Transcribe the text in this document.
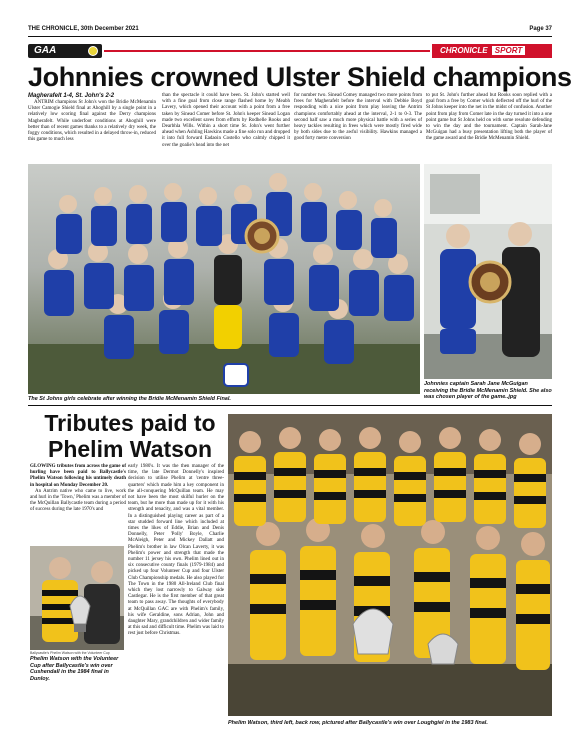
THE CHRONICLE, 30th December 2021	Page 37
GAA	CHRONICLE SPORT
Johnnies crowned Ulster Shield champions
Magherafelt 1-4, St. John's 2-2
ANTRIM champions St John's won the Bridie McMenamin Ulster Camogie Shield final at Ahoghill by a single point in a relatively low scoring final against the Derry champions Magherafelt. While underfoot conditions at Ahoghill were better than of recent games thanks to a relatively dry week, the foggy conditions, which resulted in a delayed throw-in, reduced this game to much less
than the spectacle it could have been. St. John's started well with a fine goal from close range flashed home by Meabh Lavery, which opened their account with a point from a free taken by Sinead Comer before St. John's keeper Sinead Logan made two excellent saves from efforts by Rodhelle Rooks and Dearbhla Wills. Within a short time St. John's went further ahead when Ashling Hawkins made a fine solo run and dropped it into full forward Eadaoin Costello who calmly chipped it over the goalie's head into the net
for number two. Sinead Comey managed two more points from frees for Magherafelt before the interval with Debbie Boyd responding with a nice point from play leaving the Antrim champions comfortably ahead at the interval, 2-1 to 0-3. The second half saw a much more physical battle with a series of heavy tackles resulting in frees which were mostly fired wide by both sides due to the awful visibility. Hawkins managed a good forty metre conversion
to put St. John's further ahead but Rooks soon replied with a goal from a free by Comer which deflected off the hurl of the St Johns keeper into the net in the midst of confusion. Another point from play from Comer late in the day turned it into a one point game but St Johns held on with some resolute defending to win the day and the tournament. Captain Sarah-Jane McGuigan had a busy presentation lifting both the player of the game award and the Bridie McMenamin Shield.
The St Johns girls celebrate after winning the Bridie McMenamin Shield Final.
Johnnies captain Sarah Jane McGuigan receiving the Bridie McMenamin Shield. She also was chosen player of the game..jpg
Tributes paid to Phelim Watson
GLOWING tributes from across the game of hurling have been paid to Ballycastle's Phelim Watson following his untimely death in hospital on Monday December 20.
An Antrim native who came to live, work and hurl in the 'Town,' Phelim was a member of the McQuillan Ballycastle team during a period of success during the late 1970's and
early 1980's. It was the then manager of the time, the late Dermot Donnelly's inspired decision to utilise Phelim at 'centre three-quarters' which made him a key component in the all-conquering McQuillan team. He may not have been the most skilful hurler on the team, but he more than made up for it with his strength and tenacity, and was a vital member. In a distinguished playing career as part of a star studded forward line which included at times the likes of Eddie, Brian and Denis Donnelly, Peter 'Polly' Boyle, Charlie McAleigh, Peter and Mickey Dallatt and Phelim's brother in law Olcan Laverty, it was Phelim's power and strength that made the number 11 jersey his own. Phelim lined out in six consecutive county finals (1979-1984) and picked up four Volunteer Cup and four Ulster Club Championship medals. He also played for The Town in the 1980 All-Ireland Club final which they lost narrowly to Galway side Castlegar. He is the first member of that great team to pass away. The thoughts of everybody at McQuillan GAC are with Phelim's family, his wife Geraldine, sons Adrian, John and daughter Mary, grandchildren and wider family at this sad and difficult time. Phelim was laid to rest just before Christmas.
Ballycastle's Phelim Watson with the Volunteer Cup
Phelim Watson with the Volunteer Cup after Ballycastle's win over Cushendall in the 1984 final in Dunloy.
Phelim Watson, third left, back row, pictured after Ballycastle's win over Loughgiel in the 1983 final.
